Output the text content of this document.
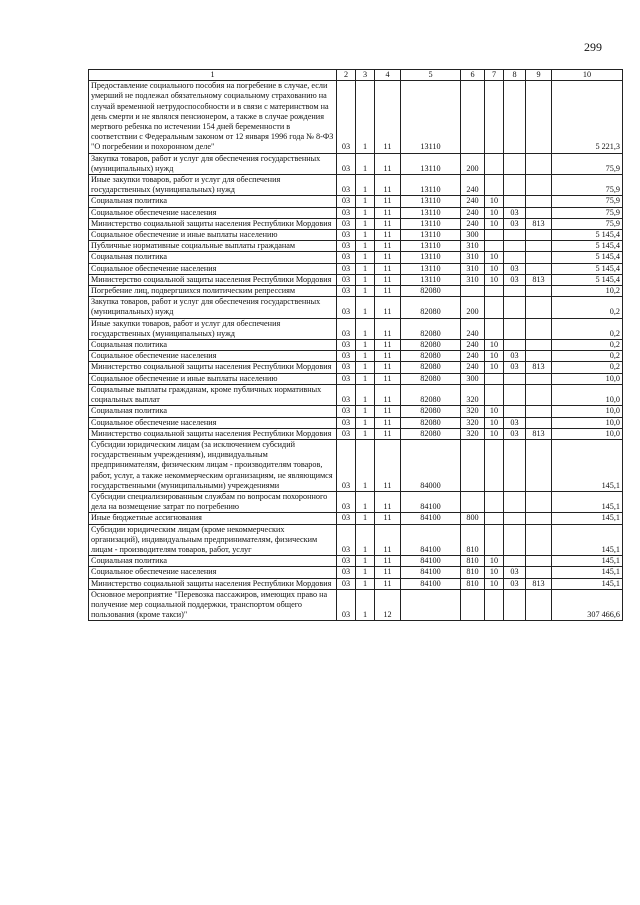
299
1	2	3	4	5	6	7	8	9	10
Предоставление социального пособия на погребение в случае, если умерший не подлежал обязательному социальному страхованию на случай временной нетрудоспособности и в связи с материнством на день смерти и не являлся пенсионером, а также в случае рождения мертвого ребенка по истечении 154 дней беременности в соответствии с Федеральным законом от 12 января 1996 года № 8-ФЗ "О погребении и похоронном деле"	03	1	11	13110					5 221,3
Закупка товаров, работ и услуг для обеспечения государственных (муниципальных) нужд	03	1	11	13110	200				75,9
Иные закупки товаров, работ и услуг для обеспечения государственных (муниципальных) нужд	03	1	11	13110	240				75,9
Социальная политика	03	1	11	13110	240	10			75,9
Социальное обеспечение населения	03	1	11	13110	240	10	03		75,9
Министерство социальной защиты населения Республики Мордовия	03	1	11	13110	240	10	03	813	75,9
Социальное обеспечение и иные выплаты населению	03	1	11	13110	300				5 145,4
Публичные нормативные социальные выплаты гражданам	03	1	11	13110	310				5 145,4
Социальная политика	03	1	11	13110	310	10			5 145,4
Социальное обеспечение населения	03	1	11	13110	310	10	03		5 145,4
Министерство социальной защиты населения Республики Мордовия	03	1	11	13110	310	10	03	813	5 145,4
Погребение лиц, подвергшихся политическим репрессиям	03	1	11	82080					10,2
Закупка товаров, работ и услуг для обеспечения государственных (муниципальных) нужд	03	1	11	82080	200				0,2
Иные закупки товаров, работ и услуг для обеспечения государственных (муниципальных) нужд	03	1	11	82080	240				0,2
Социальная политика	03	1	11	82080	240	10			0,2
Социальное обеспечение населения	03	1	11	82080	240	10	03		0,2
Министерство социальной защиты населения Республики Мордовия	03	1	11	82080	240	10	03	813	0,2
Социальное обеспечение и иные выплаты населению	03	1	11	82080	300				10,0
Социальные выплаты гражданам, кроме публичных нормативных социальных выплат	03	1	11	82080	320				10,0
Социальная политика	03	1	11	82080	320	10			10,0
Социальное обеспечение населения	03	1	11	82080	320	10	03		10,0
Министерство социальной защиты населения Республики Мордовия	03	1	11	82080	320	10	03	813	10,0
Субсидии юридическим лицам (за исключением субсидий государственным учреждениям), индивидуальным предпринимателям, физическим лицам - производителям товаров, работ, услуг, а также некоммерческим организациям, не являющимся государственными (муниципальными) учреждениями	03	1	11	84000					145,1
Субсидии специализированным службам по вопросам похоронного дела на возмещение затрат по погребению	03	1	11	84100					145,1
Иные бюджетные ассигнования	03	1	11	84100	800				145,1
Субсидии юридическим лицам (кроме некоммерческих организаций), индивидуальным предпринимателям, физическим лицам - производителям товаров, работ, услуг	03	1	11	84100	810				145,1
Социальная политика	03	1	11	84100	810	10			145,1
Социальное обеспечение населения	03	1	11	84100	810	10	03		145,1
Министерство социальной защиты населения Республики Мордовия	03	1	11	84100	810	10	03	813	145,1
Основное мероприятие "Перевозка пассажиров, имеющих право на получение мер социальной поддержки, транспортом общего пользования (кроме такси)"	03	1	12						307 466,6
